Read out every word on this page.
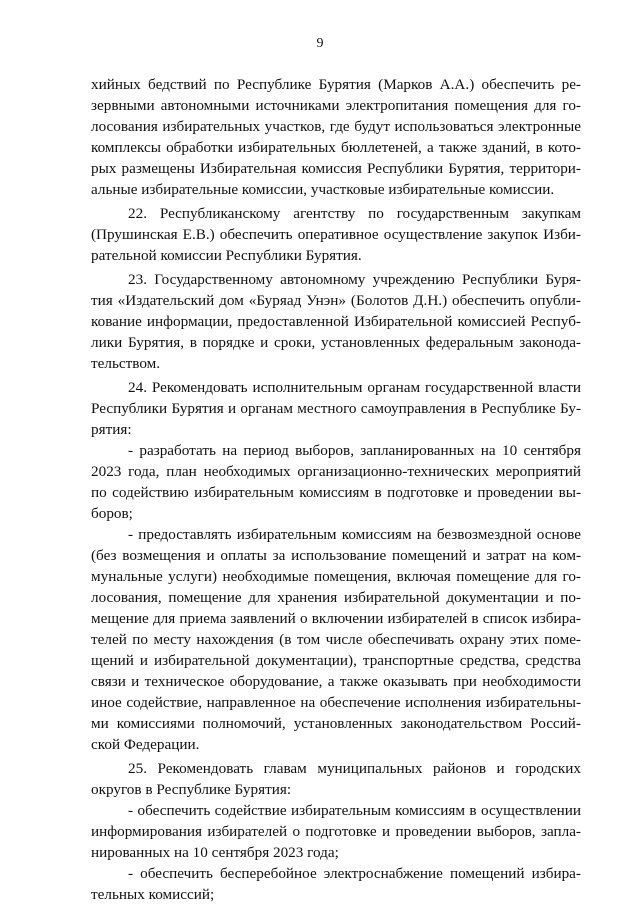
9
хийных бедствий по Республике Бурятия (Марков А.А.) обеспечить ре-
зервными автономными источниками электропитания помещения для го-
лосования избирательных участков, где будут использоваться электронные
комплексы обработки избирательных бюллетеней, а также зданий, в кото-
рых размещены Избирательная комиссия Республики Бурятия, территори-
альные избирательные комиссии, участковые избирательные комиссии.
22. Республиканскому агентству по государственным закупкам
(Прушинская Е.В.) обеспечить оперативное осуществление закупок Изби-
рательной комиссии Республики Бурятия.
23. Государственному автономному учреждению Республики Буря-
тия «Издательский дом «Буряад Унэн» (Болотов Д.Н.) обеспечить опубли-
кование информации, предоставленной Избирательной комиссией Респуб-
лики Бурятия, в порядке и сроки, установленных федеральным законода-
тельством.
24. Рекомендовать исполнительным органам государственной власти
Республики Бурятия и органам местного самоуправления в Республике Бу-
рятия:
- разработать на период выборов, запланированных на 10 сентября
2023 года, план необходимых организационно-технических мероприятий
по содействию избирательным комиссиям в подготовке и проведении вы-
боров;
- предоставлять избирательным комиссиям на безвозмездной основе
(без возмещения и оплаты за использование помещений и затрат на ком-
мунальные услуги) необходимые помещения, включая помещение для го-
лосования, помещение для хранения избирательной документации и по-
мещение для приема заявлений о включении избирателей в список избира-
телей по месту нахождения (в том числе обеспечивать охрану этих поме-
щений и избирательной документации), транспортные средства, средства
связи и техническое оборудование, а также оказывать при необходимости
иное содействие, направленное на обеспечение исполнения избирательны-
ми комиссиями полномочий, установленных законодательством Россий-
ской Федерации.
25. Рекомендовать главам муниципальных районов и городских
округов в Республике Бурятия:
- обеспечить содействие избирательным комиссиям в осуществлении
информирования избирателей о подготовке и проведении выборов, запла-
нированных на 10 сентября 2023 года;
- обеспечить бесперебойное электроснабжение помещений избира-
тельных комиссий;
